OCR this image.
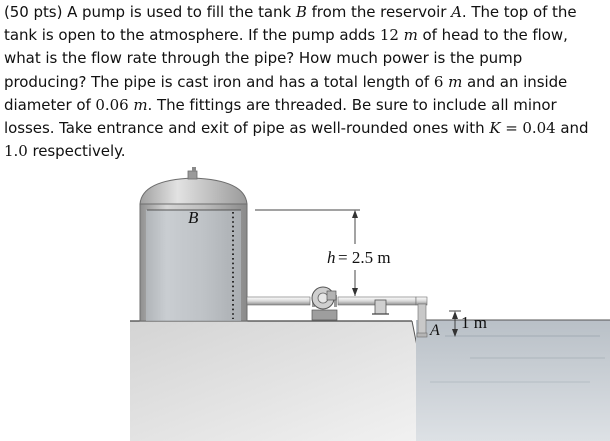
(50 pts) A pump is used to fill the tank B from the reservoir A. The top of the tank is open to the atmosphere. If the pump adds 12 m of head to the flow, what is the flow rate through the pipe? How much power is the pump producing? The pipe is cast iron and has a total length of 6 m and an inside diameter of 0.06 m. The fittings are threaded. Be sure to include all minor losses. Take entrance and exit of pipe as well-rounded ones with K = 0.04 and 1.0 respectively.

B
A
h = 2.5 m
1 m
